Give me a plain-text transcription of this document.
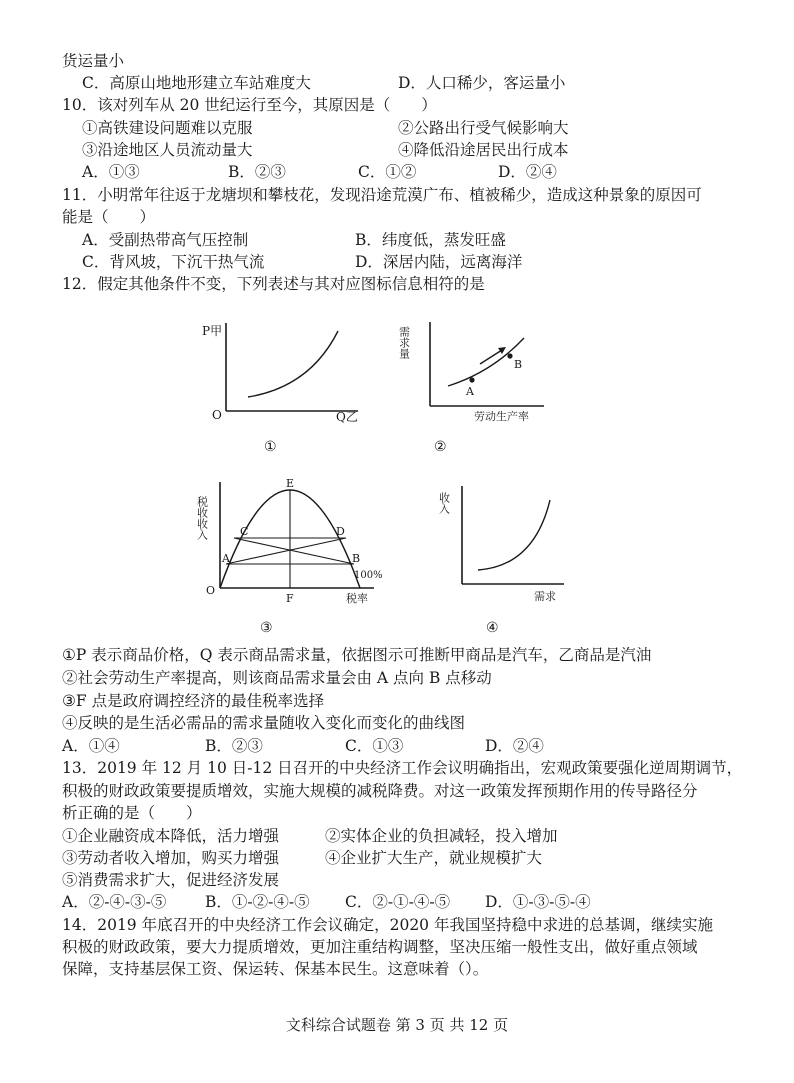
货运量小
C．高原山地地形建立车站难度大	D．人口稀少，客运量小
10．该对列车从 20 世纪运行至今，其原因是（　　）
①高铁建设问题难以克服	②公路出行受气候影响大
③沿途地区人员流动量大	④降低沿途居民出行成本
A．①③	B．②③	C．①②	D．②④
11．小明常年往返于龙塘坝和攀枝花，发现沿途荒漠广布、植被稀少，造成这种景象的原因可
能是（　　）
A．受副热带高气压控制	B．纬度低，蒸发旺盛
C．背风坡，下沉干热气流	D．深居内陆，远离海洋
12．假定其他条件不变，下列表述与其对应图标信息相符的是
P甲
O	Q乙
①
A
B
需求量
劳动生产率
②
税收收入
E
C	D
A	B
100%
O
F	税率
③
收入
需求
④
①P 表示商品价格，Q 表示商品需求量，依据图示可推断甲商品是汽车，乙商品是汽油
②社会劳动生产率提高，则该商品需求量会由 A 点向 B 点移动
③F 点是政府调控经济的最佳税率选择
④反映的是生活必需品的需求量随收入变化而变化的曲线图
A．①④	B．②③	C．①③	D．②④
13．2019 年 12 月 10 日-12 日召开的中央经济工作会议明确指出，宏观政策要强化逆周期调节，
积极的财政政策要提质增效，实施大规模的减税降费。对这一政策发挥预期作用的传导路径分
析正确的是（　　）
①企业融资成本降低，活力增强	②实体企业的负担减轻，投入增加
③劳动者收入增加，购买力增强	④企业扩大生产，就业规模扩大
⑤消费需求扩大，促进经济发展
A．②-④-③-⑤ B．①-②-④-⑤ C．②-①-④-⑤ D．①-③-⑤-④
14．2019 年底召开的中央经济工作会议确定，2020 年我国坚持稳中求进的总基调，继续实施
积极的财政政策，要大力提质增效，更加注重结构调整，坚决压缩一般性支出，做好重点领域
保障，支持基层保工资、保运转、保基本民生。这意味着（）。
文科综合试题卷 第 3 页 共 12 页
